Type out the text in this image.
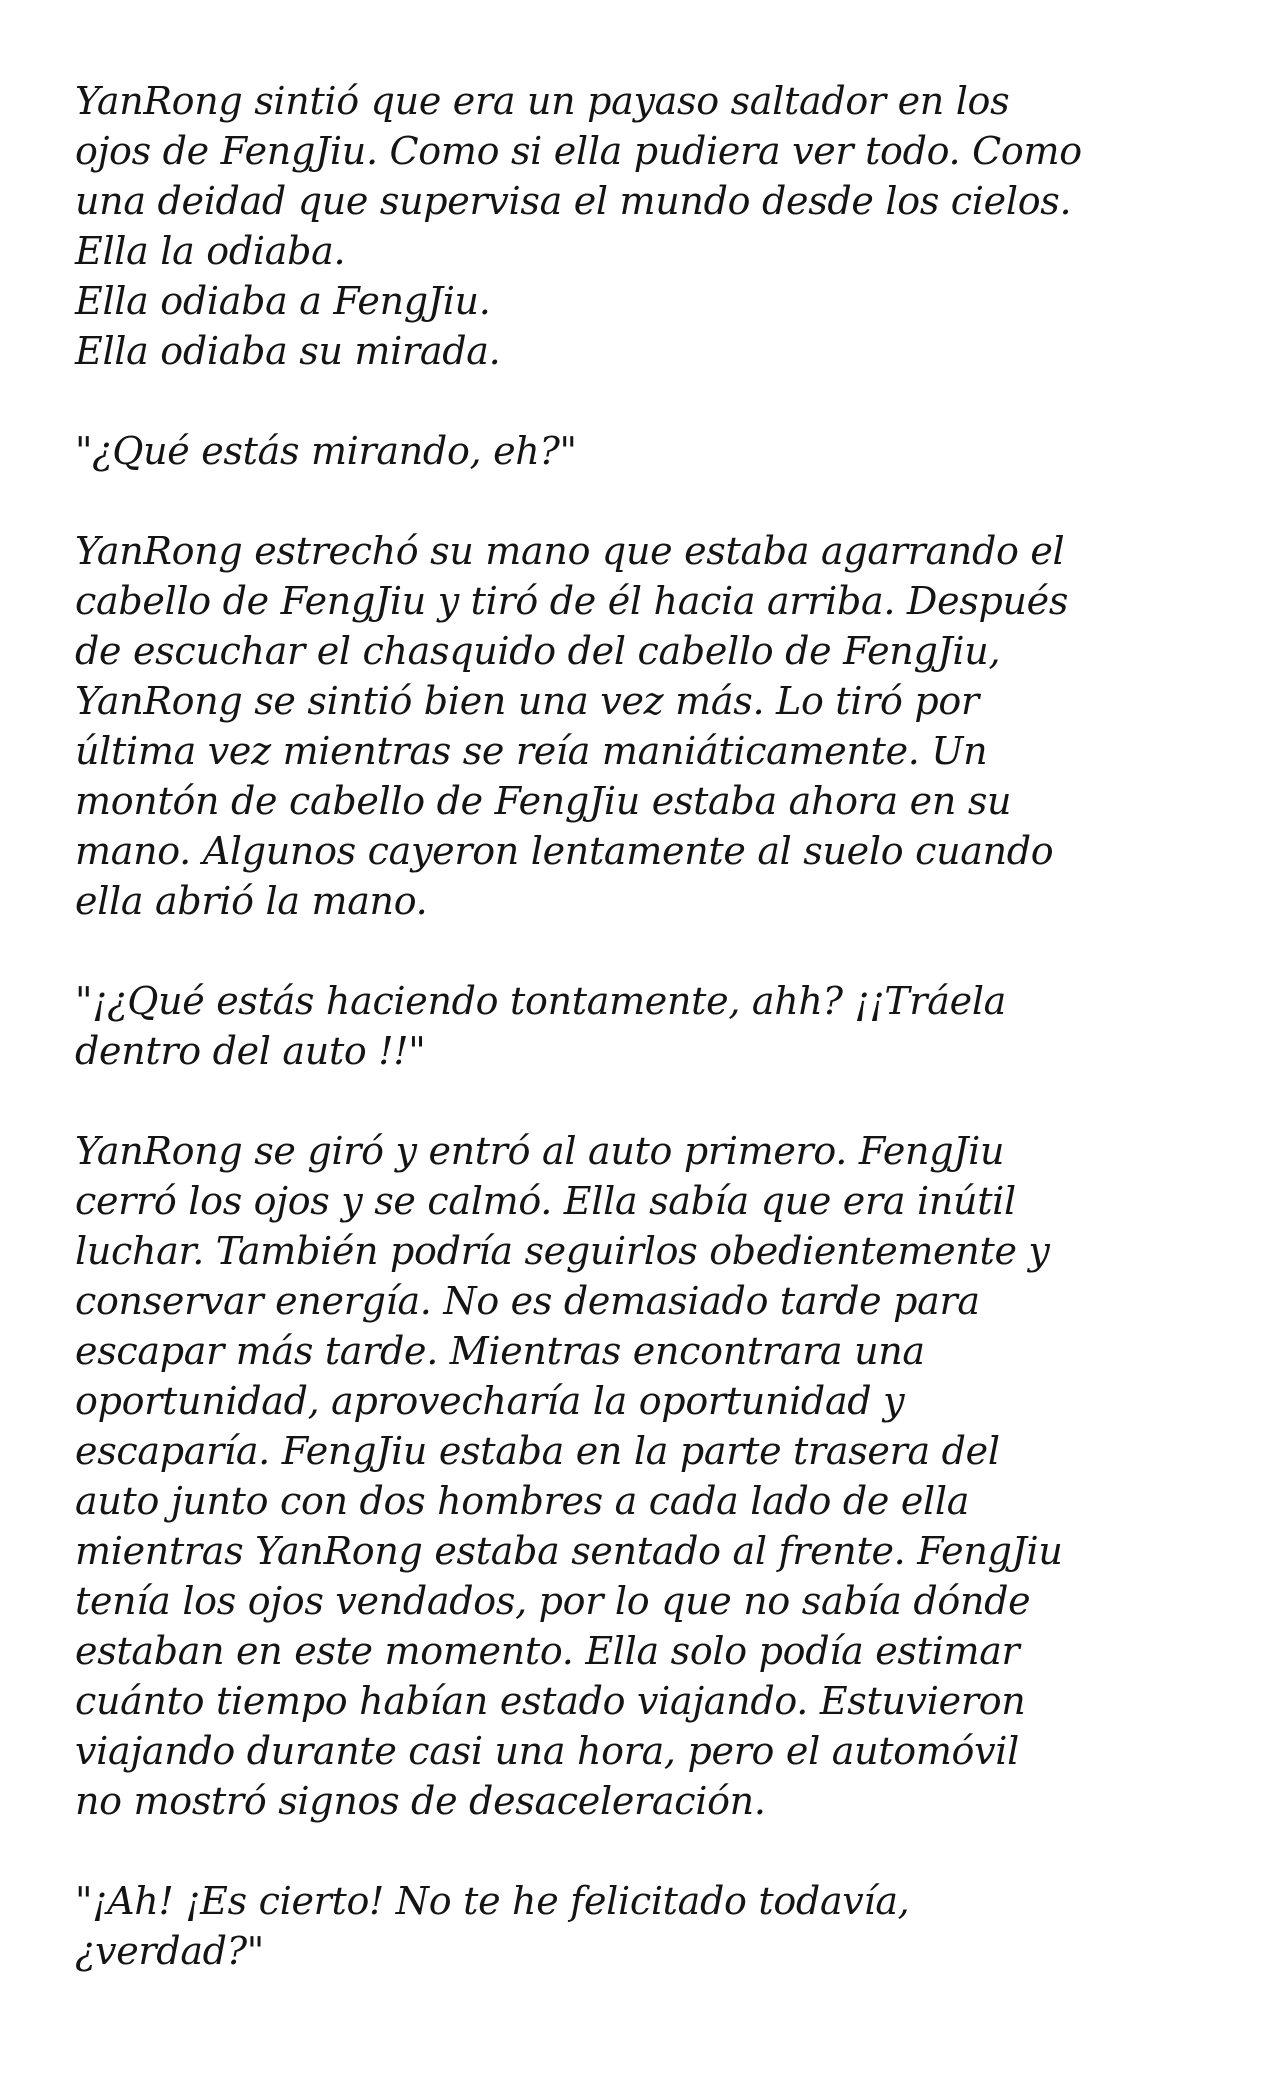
YanRong sintió que era un payaso saltador en los
ojos de FengJiu. Como si ella pudiera ver todo. Como
una deidad que supervisa el mundo desde los cielos.
Ella la odiaba.
Ella odiaba a FengJiu.
Ella odiaba su mirada.
"¿Qué estás mirando, eh?"
YanRong estrechó su mano que estaba agarrando el
cabello de FengJiu y tiró de él hacia arriba. Después
de escuchar el chasquido del cabello de FengJiu,
YanRong se sintió bien una vez más. Lo tiró por
última vez mientras se reía maniáticamente. Un
montón de cabello de FengJiu estaba ahora en su
mano. Algunos cayeron lentamente al suelo cuando
ella abrió la mano.
"¡¿Qué estás haciendo tontamente, ahh? ¡¡Tráela
dentro del auto !!"
YanRong se giró y entró al auto primero. FengJiu
cerró los ojos y se calmó. Ella sabía que era inútil
luchar. También podría seguirlos obedientemente y
conservar energía. No es demasiado tarde para
escapar más tarde. Mientras encontrara una
oportunidad, aprovecharía la oportunidad y
escaparía. FengJiu estaba en la parte trasera del
auto junto con dos hombres a cada lado de ella
mientras YanRong estaba sentado al frente. FengJiu
tenía los ojos vendados, por lo que no sabía dónde
estaban en este momento. Ella solo podía estimar
cuánto tiempo habían estado viajando. Estuvieron
viajando durante casi una hora, pero el automóvil
no mostró signos de desaceleración.
"¡Ah! ¡Es cierto! No te he felicitado todavía,
¿verdad?"
